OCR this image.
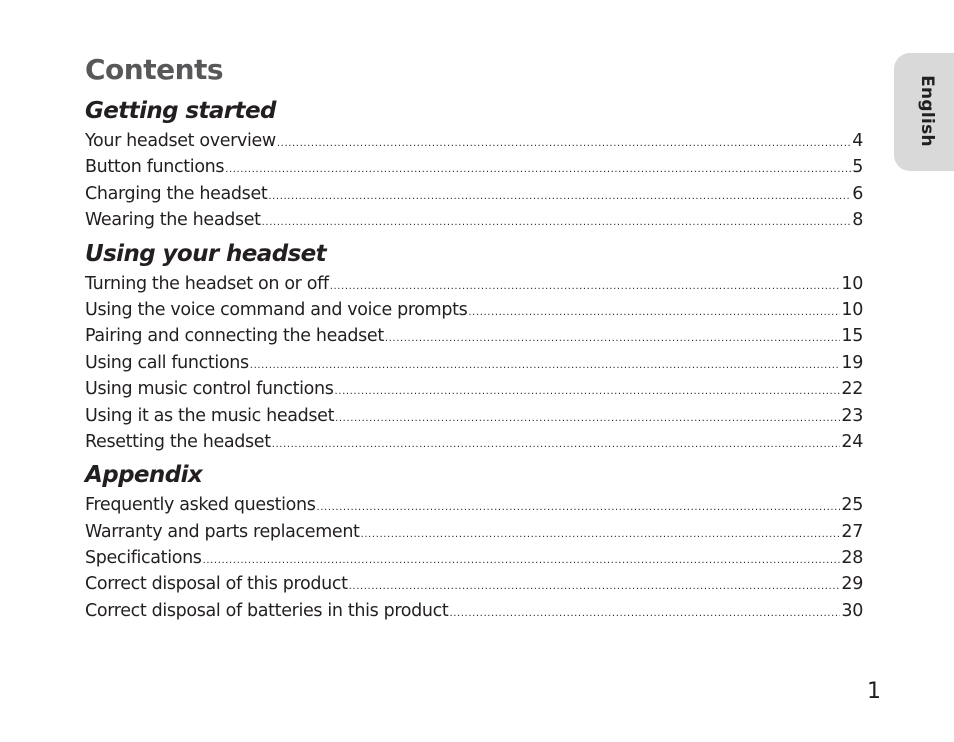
Contents
Getting started
Your headset overview .....	4
Button functions .....	5
Charging the headset .....	6
Wearing the headset .....	8
Using your headset
Turning the headset on or off .....	10
Using the voice command and voice prompts .....	10
Pairing and connecting the headset .....	15
Using call functions .....	19
Using music control functions .....	22
Using it as the music headset .....	23
Resetting the headset .....	24
Appendix
Frequently asked questions .....	25
Warranty and parts replacement .....	27
Specifications .....	28
Correct disposal of this product .....	29
Correct disposal of batteries in this product .....	30
English
1
